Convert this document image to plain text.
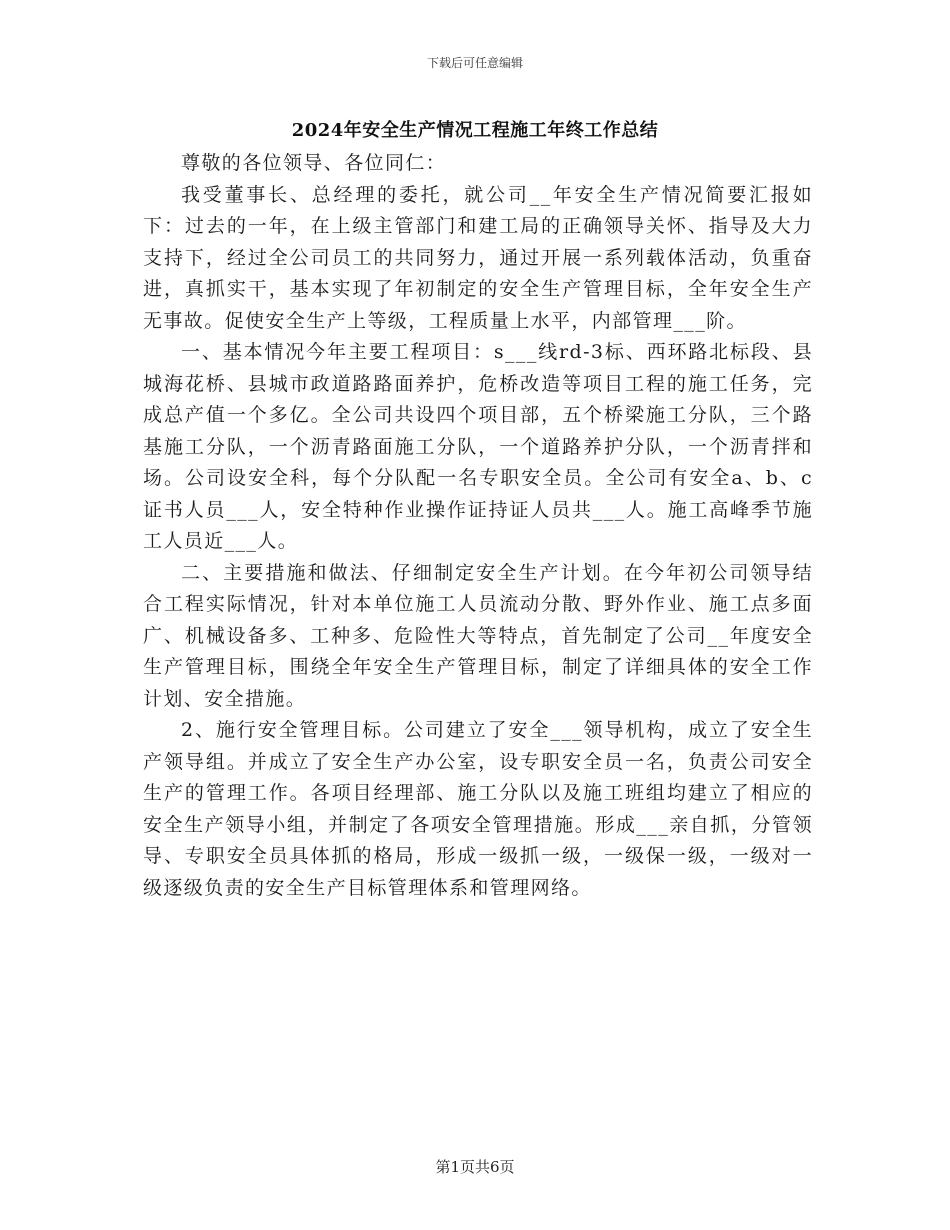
下载后可任意编辑
2024年安全生产情况工程施工年终工作总结

尊敬的各位领导、各位同仁：

我受董事长、总经理的委托，就公司__年安全生产情况简要汇报如下：过去的一年，在上级主管部门和建工局的正确领导关怀、指导及大力支持下，经过全公司员工的共同努力，通过开展一系列载体活动，负重奋进，真抓实干，基本实现了年初制定的安全生产管理目标，全年安全生产无事故。促使安全生产上等级，工程质量上水平，内部管理___阶。

一、基本情况今年主要工程项目：s___线rd-3标、西环路北标段、县城海花桥、县城市政道路路面养护，危桥改造等项目工程的施工任务，完成总产值一个多亿。全公司共设四个项目部，五个桥梁施工分队，三个路基施工分队，一个沥青路面施工分队，一个道路养护分队，一个沥青拌和场。公司设安全科，每个分队配一名专职安全员。全公司有安全a、b、c证书人员___人，安全特种作业操作证持证人员共___人。施工高峰季节施工人员近___人。

二、主要措施和做法、仔细制定安全生产计划。在今年初公司领导结合工程实际情况，针对本单位施工人员流动分散、野外作业、施工点多面广、机械设备多、工种多、危险性大等特点，首先制定了公司__年度安全生产管理目标，围绕全年安全生产管理目标，制定了详细具体的安全工作计划、安全措施。

2、施行安全管理目标。公司建立了安全___领导机构，成立了安全生产领导组。并成立了安全生产办公室，设专职安全员一名，负责公司安全生产的管理工作。各项目经理部、施工分队以及施工班组均建立了相应的安全生产领导小组，并制定了各项安全管理措施。形成___亲自抓，分管领导、专职安全员具体抓的格局，形成一级抓一级，一级保一级，一级对一级逐级负责的安全生产目标管理体系和管理网络。

第1页共6页
